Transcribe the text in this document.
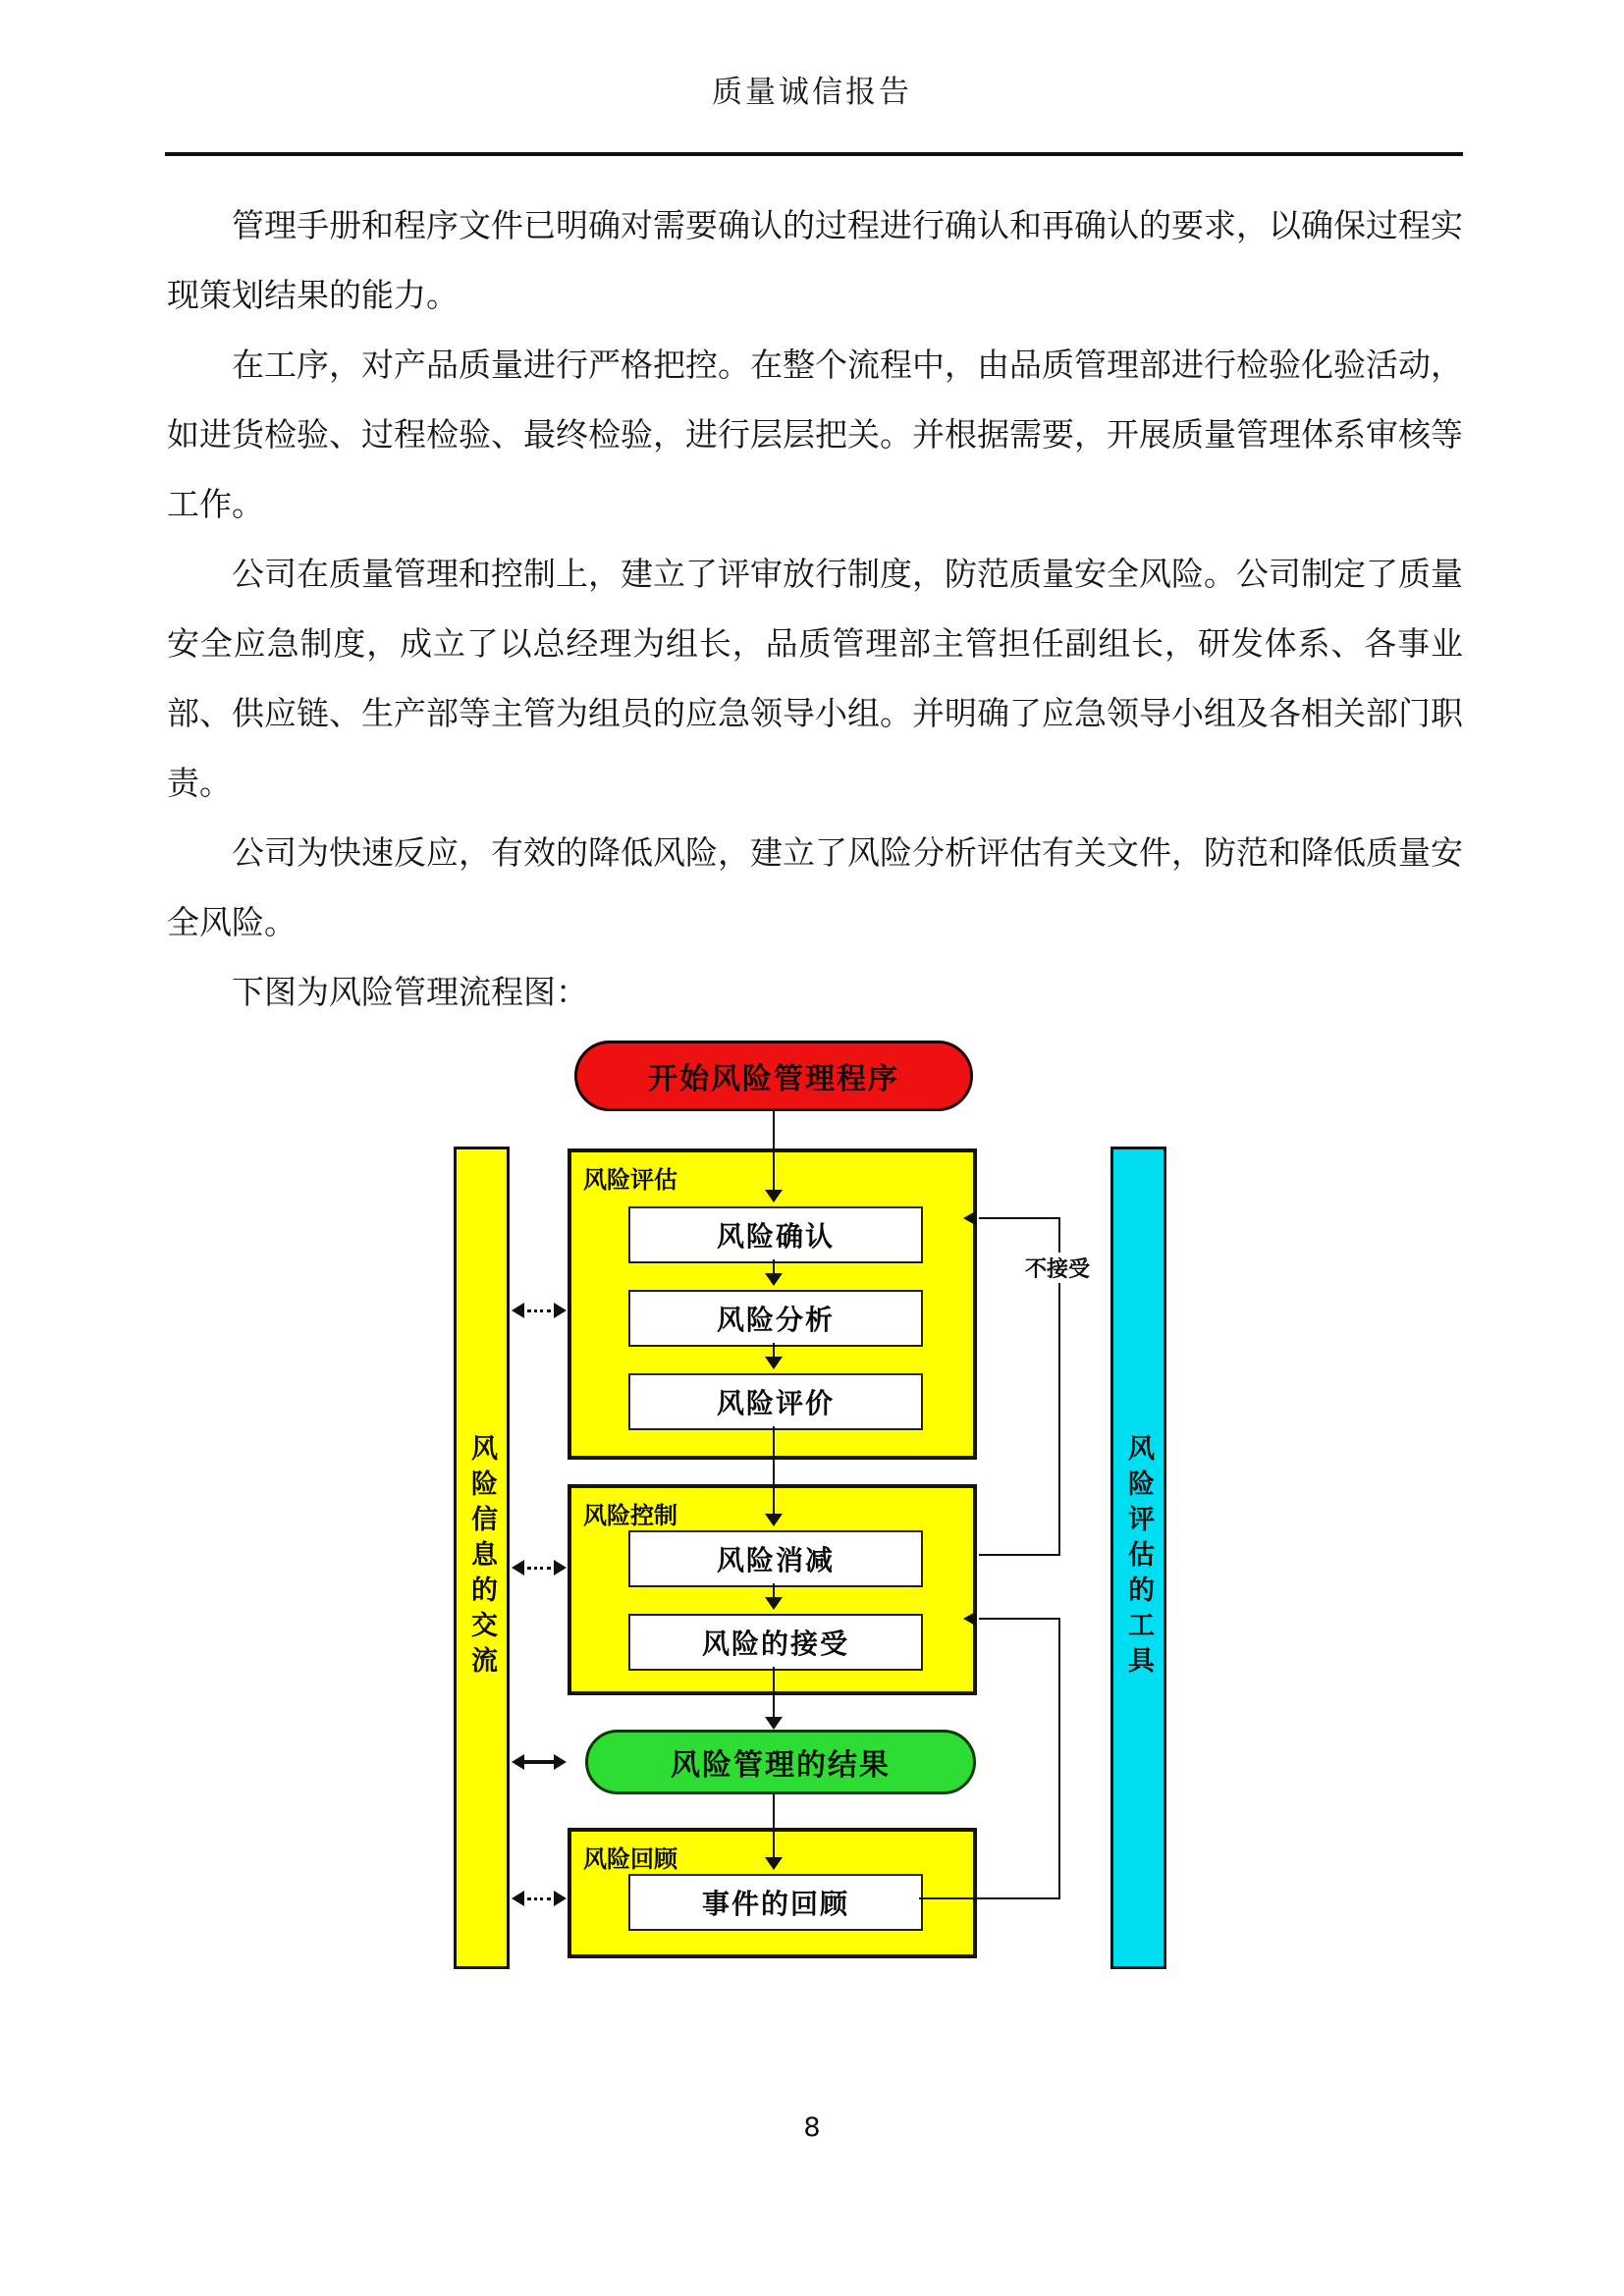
质量诚信报告

管理手册和程序文件已明确对需要确认的过程进行确认和再确认的要求，以确保过程实现策划结果的能力。

在工序，对产品质量进行严格把控。在整个流程中，由品质管理部进行检验化验活动，如进货检验、过程检验、最终检验，进行层层把关。并根据需要，开展质量管理体系审核等工作。

公司在质量管理和控制上，建立了评审放行制度，防范质量安全风险。公司制定了质量安全应急制度，成立了以总经理为组长，品质管理部主管担任副组长，研发体系、各事业部、供应链、生产部等主管为组员的应急领导小组。并明确了应急领导小组及各相关部门职责。

公司为快速反应，有效的降低风险，建立了风险分析评估有关文件，防范和降低质量安全风险。

下图为风险管理流程图：

开始风险管理程序
风险信息的交流	风险评估的工具
风险评估
风险确认
风险分析
风险评价
风险控制
风险消减
风险的接受
风险管理的结果
风险回顾
事件的回顾
不接受
8
